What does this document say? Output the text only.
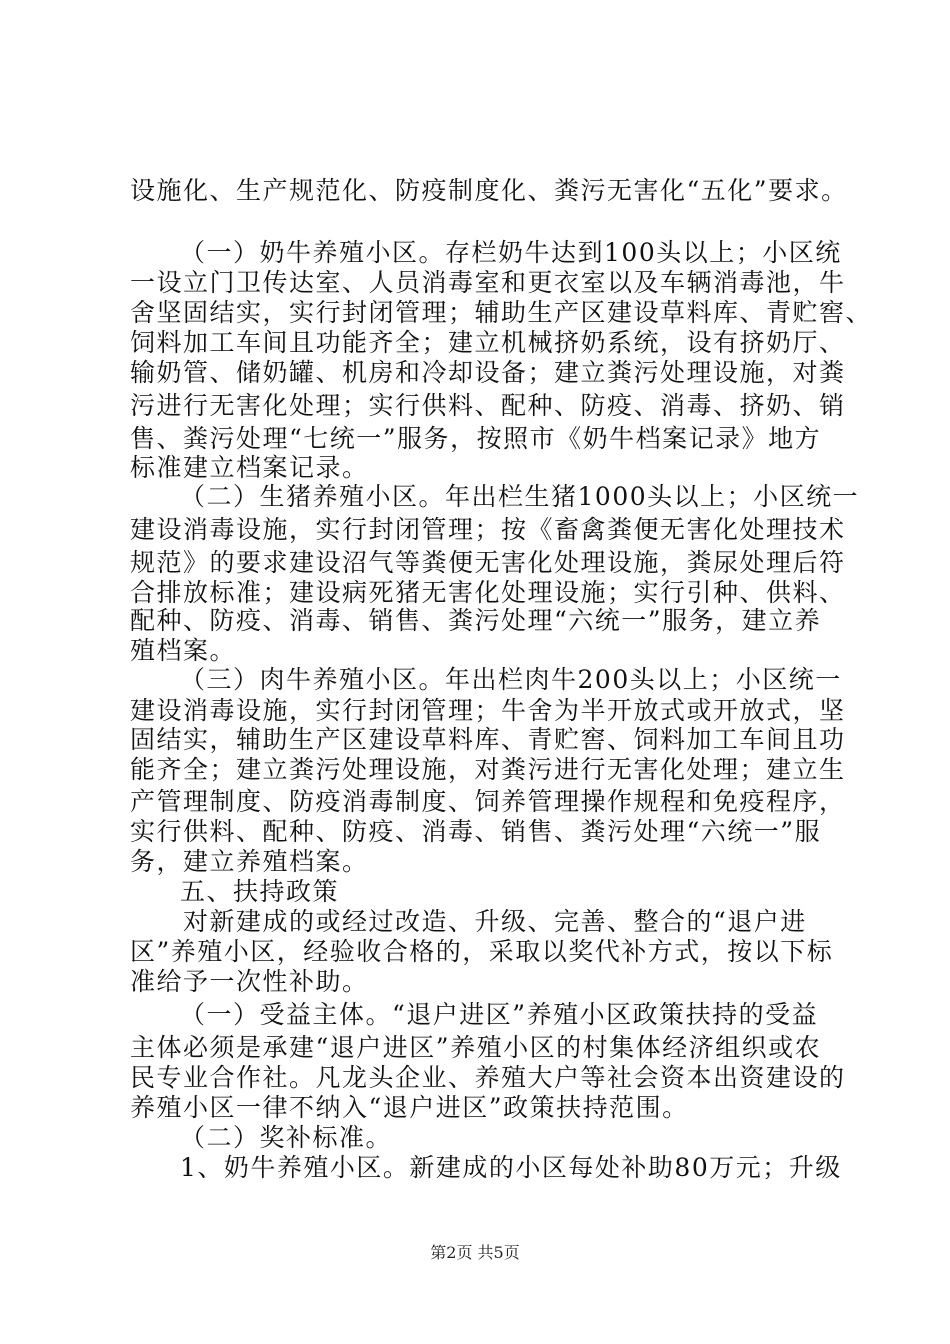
设施化、生产规范化、防疫制度化、粪污无害化“五化”要求。
（一）奶牛养殖小区。存栏奶牛达到100头以上；小区统
一设立门卫传达室、人员消毒室和更衣室以及车辆消毒池，牛
舍坚固结实，实行封闭管理；辅助生产区建设草料库、青贮窖、
饲料加工车间且功能齐全；建立机械挤奶系统，设有挤奶厅、
输奶管、储奶罐、机房和冷却设备；建立粪污处理设施，对粪
污进行无害化处理；实行供料、配种、防疫、消毒、挤奶、销
售、粪污处理“七统一”服务，按照市《奶牛档案记录》地方
标准建立档案记录。
（二）生猪养殖小区。年出栏生猪1000头以上；小区统一
建设消毒设施，实行封闭管理；按《畜禽粪便无害化处理技术
规范》的要求建设沼气等粪便无害化处理设施，粪尿处理后符
合排放标准；建设病死猪无害化处理设施；实行引种、供料、
配种、防疫、消毒、销售、粪污处理“六统一”服务，建立养
殖档案。
（三）肉牛养殖小区。年出栏肉牛200头以上；小区统一
建设消毒设施，实行封闭管理；牛舍为半开放式或开放式，坚
固结实，辅助生产区建设草料库、青贮窖、饲料加工车间且功
能齐全；建立粪污处理设施，对粪污进行无害化处理；建立生
产管理制度、防疫消毒制度、饲养管理操作规程和免疫程序，
实行供料、配种、防疫、消毒、销售、粪污处理“六统一”服
务，建立养殖档案。
五、扶持政策
对新建成的或经过改造、升级、完善、整合的“退户进
区”养殖小区，经验收合格的，采取以奖代补方式，按以下标
准给予一次性补助。
（一）受益主体。“退户进区”养殖小区政策扶持的受益
主体必须是承建“退户进区”养殖小区的村集体经济组织或农
民专业合作社。凡龙头企业、养殖大户等社会资本出资建设的
养殖小区一律不纳入“退户进区”政策扶持范围。
（二）奖补标准。
1、奶牛养殖小区。新建成的小区每处补助80万元；升级
第2页 共5页
